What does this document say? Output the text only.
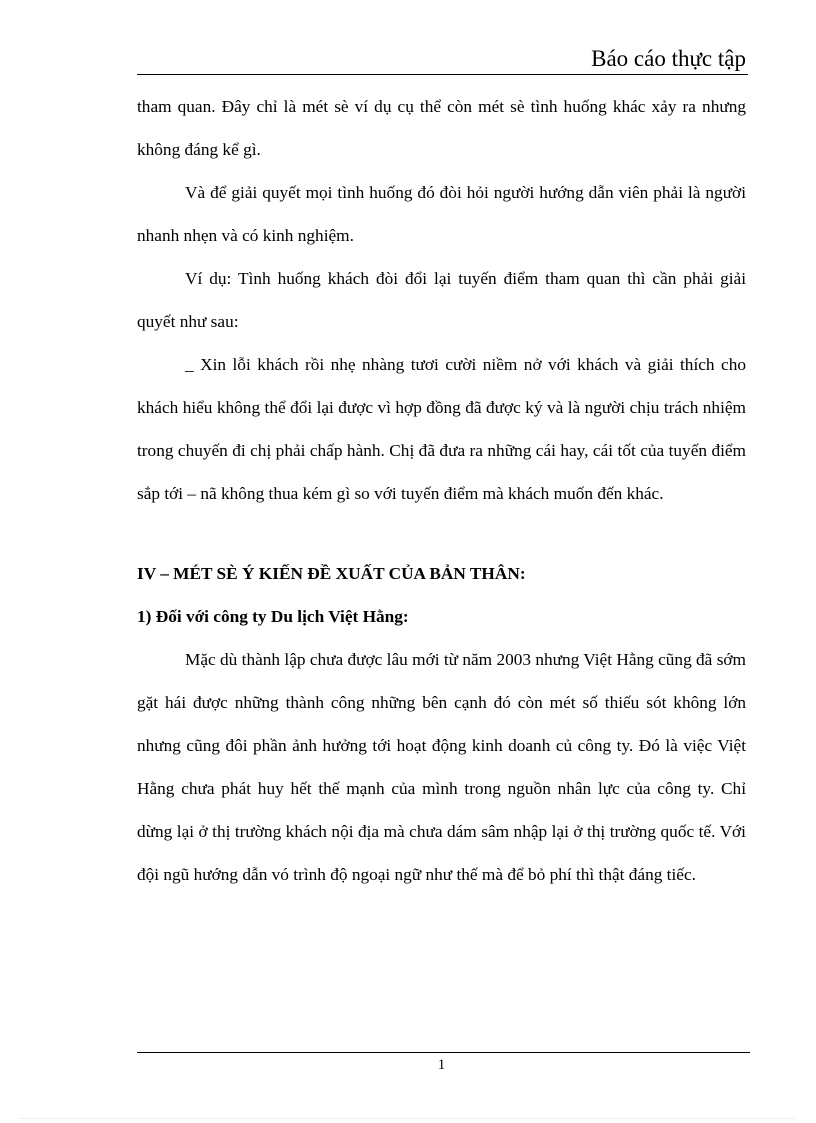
Báo cáo thực tập

tham quan. Đây chỉ là mét sè ví dụ cụ thể còn mét sè tình huống khác xảy ra nhưng không đáng kể gì.

Và để giải quyết mọi tình huống đó đòi hỏi người hướng dẫn viên phải là người nhanh nhẹn và có kinh nghiệm.

Ví dụ: Tình huống khách đòi đổi lại tuyến điểm tham quan thì cần phải giải quyết như sau:

_ Xin lỗi khách rồi nhẹ nhàng tươi cười niềm nở với khách và giải thích cho khách hiểu không thể đổi lại được vì hợp đồng đã được ký và là người chịu trách nhiệm trong chuyến đi chị phải chấp hành. Chị đã đưa ra những cái hay, cái tốt của tuyến điểm sắp tới – nã không thua kém gì so với tuyến điểm mà khách muốn đến khác.

IV – MÉT SÈ Ý KIẾN ĐỀ XUẤT CỦA BẢN THÂN:

1) Đối với công ty Du lịch Việt Hằng:

Mặc dù thành lập chưa được lâu mới từ năm 2003 nhưng Việt Hằng cũng đã sớm gặt hái được những thành công những bên cạnh đó còn mét số thiếu sót không lớn nhưng cũng đôi phần ảnh hưởng tới hoạt động kinh doanh củ công ty. Đó là việc Việt Hằng chưa phát huy hết thế mạnh của mình trong nguồn nhân lực của công ty. Chỉ dừng lại ở thị trường khách nội địa mà chưa dám sâm nhập lại ở thị trường quốc tế. Với đội ngũ hướng dẫn vó trình độ ngoại ngữ như thế mà để bỏ phí thì thật đáng tiếc.

1
